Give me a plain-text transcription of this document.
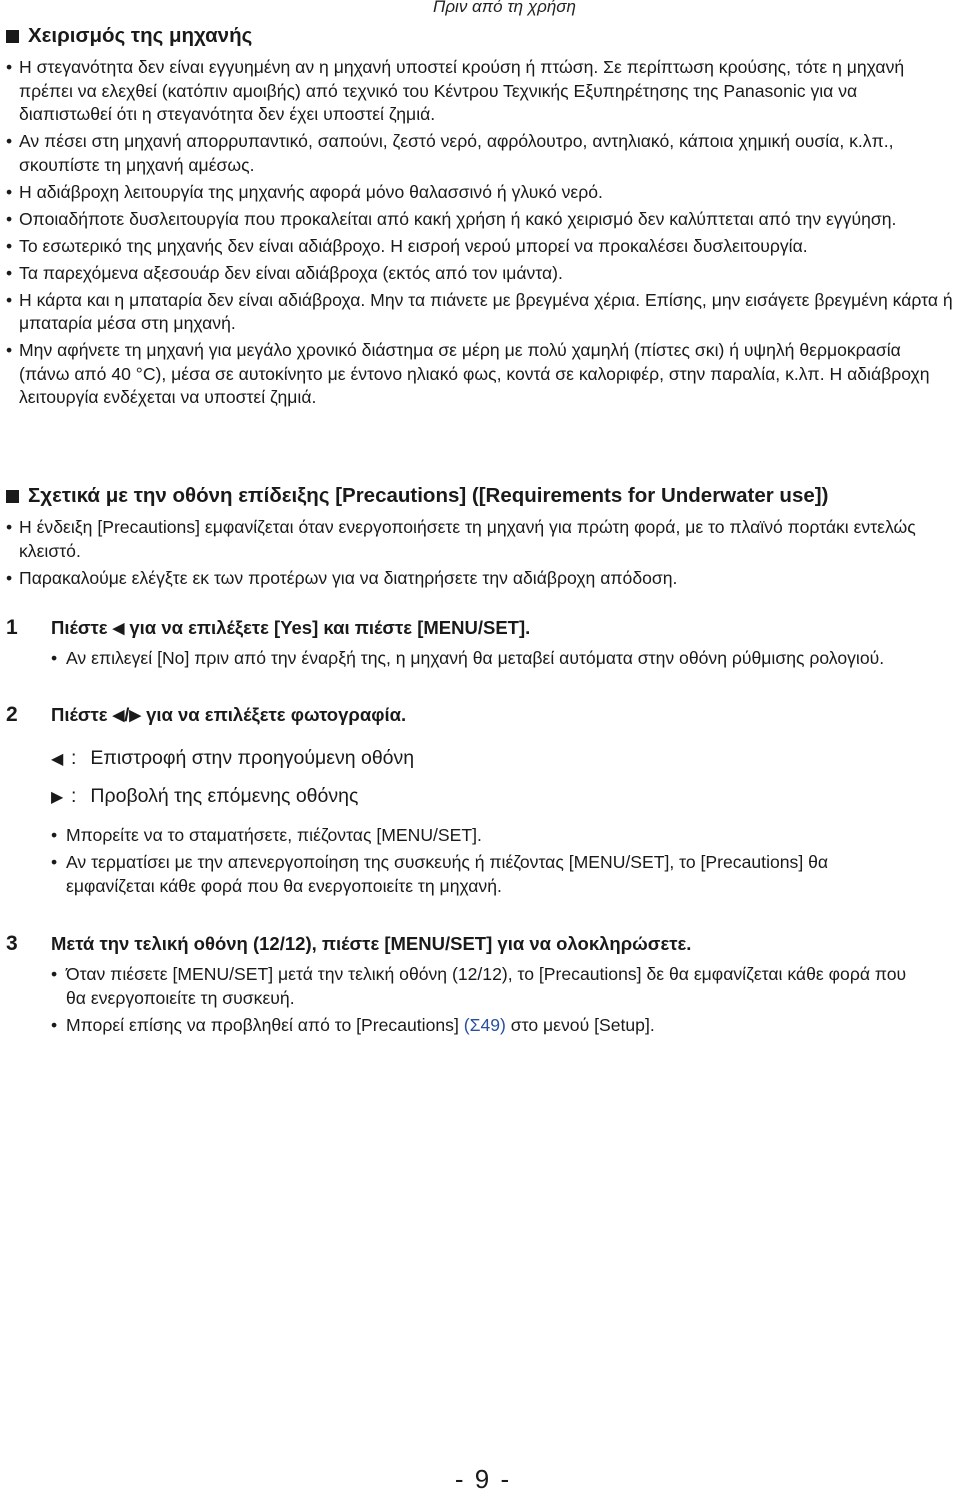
Πριν από τη χρήση
Χειρισμός της μηχανής
• Η στεγανότητα δεν είναι εγγυημένη αν η μηχανή υποστεί κρούση ή πτώση. Σε περίπτωση κρούσης, τότε η μηχανή πρέπει να ελεχθεί (κατόπιν αμοιβής) από τεχνικό του Κέντρου Τεχνικής Εξυπηρέτησης της Panasonic για να διαπιστωθεί ότι η στεγανότητα δεν έχει υποστεί ζημιά.
• Αν πέσει στη μηχανή απορρυπαντικό, σαπούνι, ζεστό νερό, αφρόλουτρο, αντηλιακό, κάποια χημική ουσία, κ.λπ., σκουπίστε τη μηχανή αμέσως.
• Η αδιάβροχη λειτουργία της μηχανής αφορά μόνο θαλασσινό ή γλυκό νερό.
• Οποιαδήποτε δυσλειτουργία που προκαλείται από κακή χρήση ή κακό χειρισμό δεν καλύπτεται από την εγγύηση.
• Το εσωτερικό της μηχανής δεν είναι αδιάβροχο. Η εισροή νερού μπορεί να προκαλέσει δυσλειτουργία.
• Τα παρεχόμενα αξεσουάρ δεν είναι αδιάβροχα (εκτός από τον ιμάντα).
• Η κάρτα και η μπαταρία δεν είναι αδιάβροχα. Μην τα πιάνετε με βρεγμένα χέρια. Επίσης, μην εισάγετε βρεγμένη κάρτα ή μπαταρία μέσα στη μηχανή.
• Μην αφήνετε τη μηχανή για μεγάλο χρονικό διάστημα σε μέρη με πολύ χαμηλή (πίστες σκι) ή υψηλή θερμοκρασία (πάνω από 40 °C), μέσα σε αυτοκίνητο με έντονο ηλιακό φως, κοντά σε καλοριφέρ, στην παραλία, κ.λπ. Η αδιάβροχη λειτουργία ενδέχεται να υποστεί ζημιά.
Σχετικά με την οθόνη επίδειξης [Precautions] ([Requirements for Underwater use])
• Η ένδειξη [Precautions] εμφανίζεται όταν ενεργοποιήσετε τη μηχανή για πρώτη φορά, με το πλαϊνό πορτάκι εντελώς κλειστό.
• Παρακαλούμε ελέγξτε εκ των προτέρων για να διατηρήσετε την αδιάβροχη απόδοση.
1	Πιέστε ◀ για να επιλέξετε [Yes] και πιέστε [MENU/SET].
• Αν επιλεγεί [No] πριν από την έναρξή της, η μηχανή θα μεταβεί αυτόματα στην οθόνη ρύθμισης ρολογιού.
2	Πιέστε ◀/▶ για να επιλέξετε φωτογραφία.
◀ : Επιστροφή στην προηγούμενη οθόνη
▶ : Προβολή της επόμενης οθόνης
• Μπορείτε να το σταματήσετε, πιέζοντας [MENU/SET].
• Αν τερματίσει με την απενεργοποίηση της συσκευής ή πιέζοντας [MENU/SET], το [Precautions] θα εμφανίζεται κάθε φορά που θα ενεργοποιείτε τη μηχανή.
3	Μετά την τελική οθόνη (12/12), πιέστε [MENU/SET] για να ολοκληρώσετε.
• Όταν πιέσετε [MENU/SET] μετά την τελική οθόνη (12/12), το [Precautions] δε θα εμφανίζεται κάθε φορά που θα ενεργοποιείτε τη συσκευή.
• Μπορεί επίσης να προβληθεί από το [Precautions] (Σ49) στο μενού [Setup].
- 9 -
